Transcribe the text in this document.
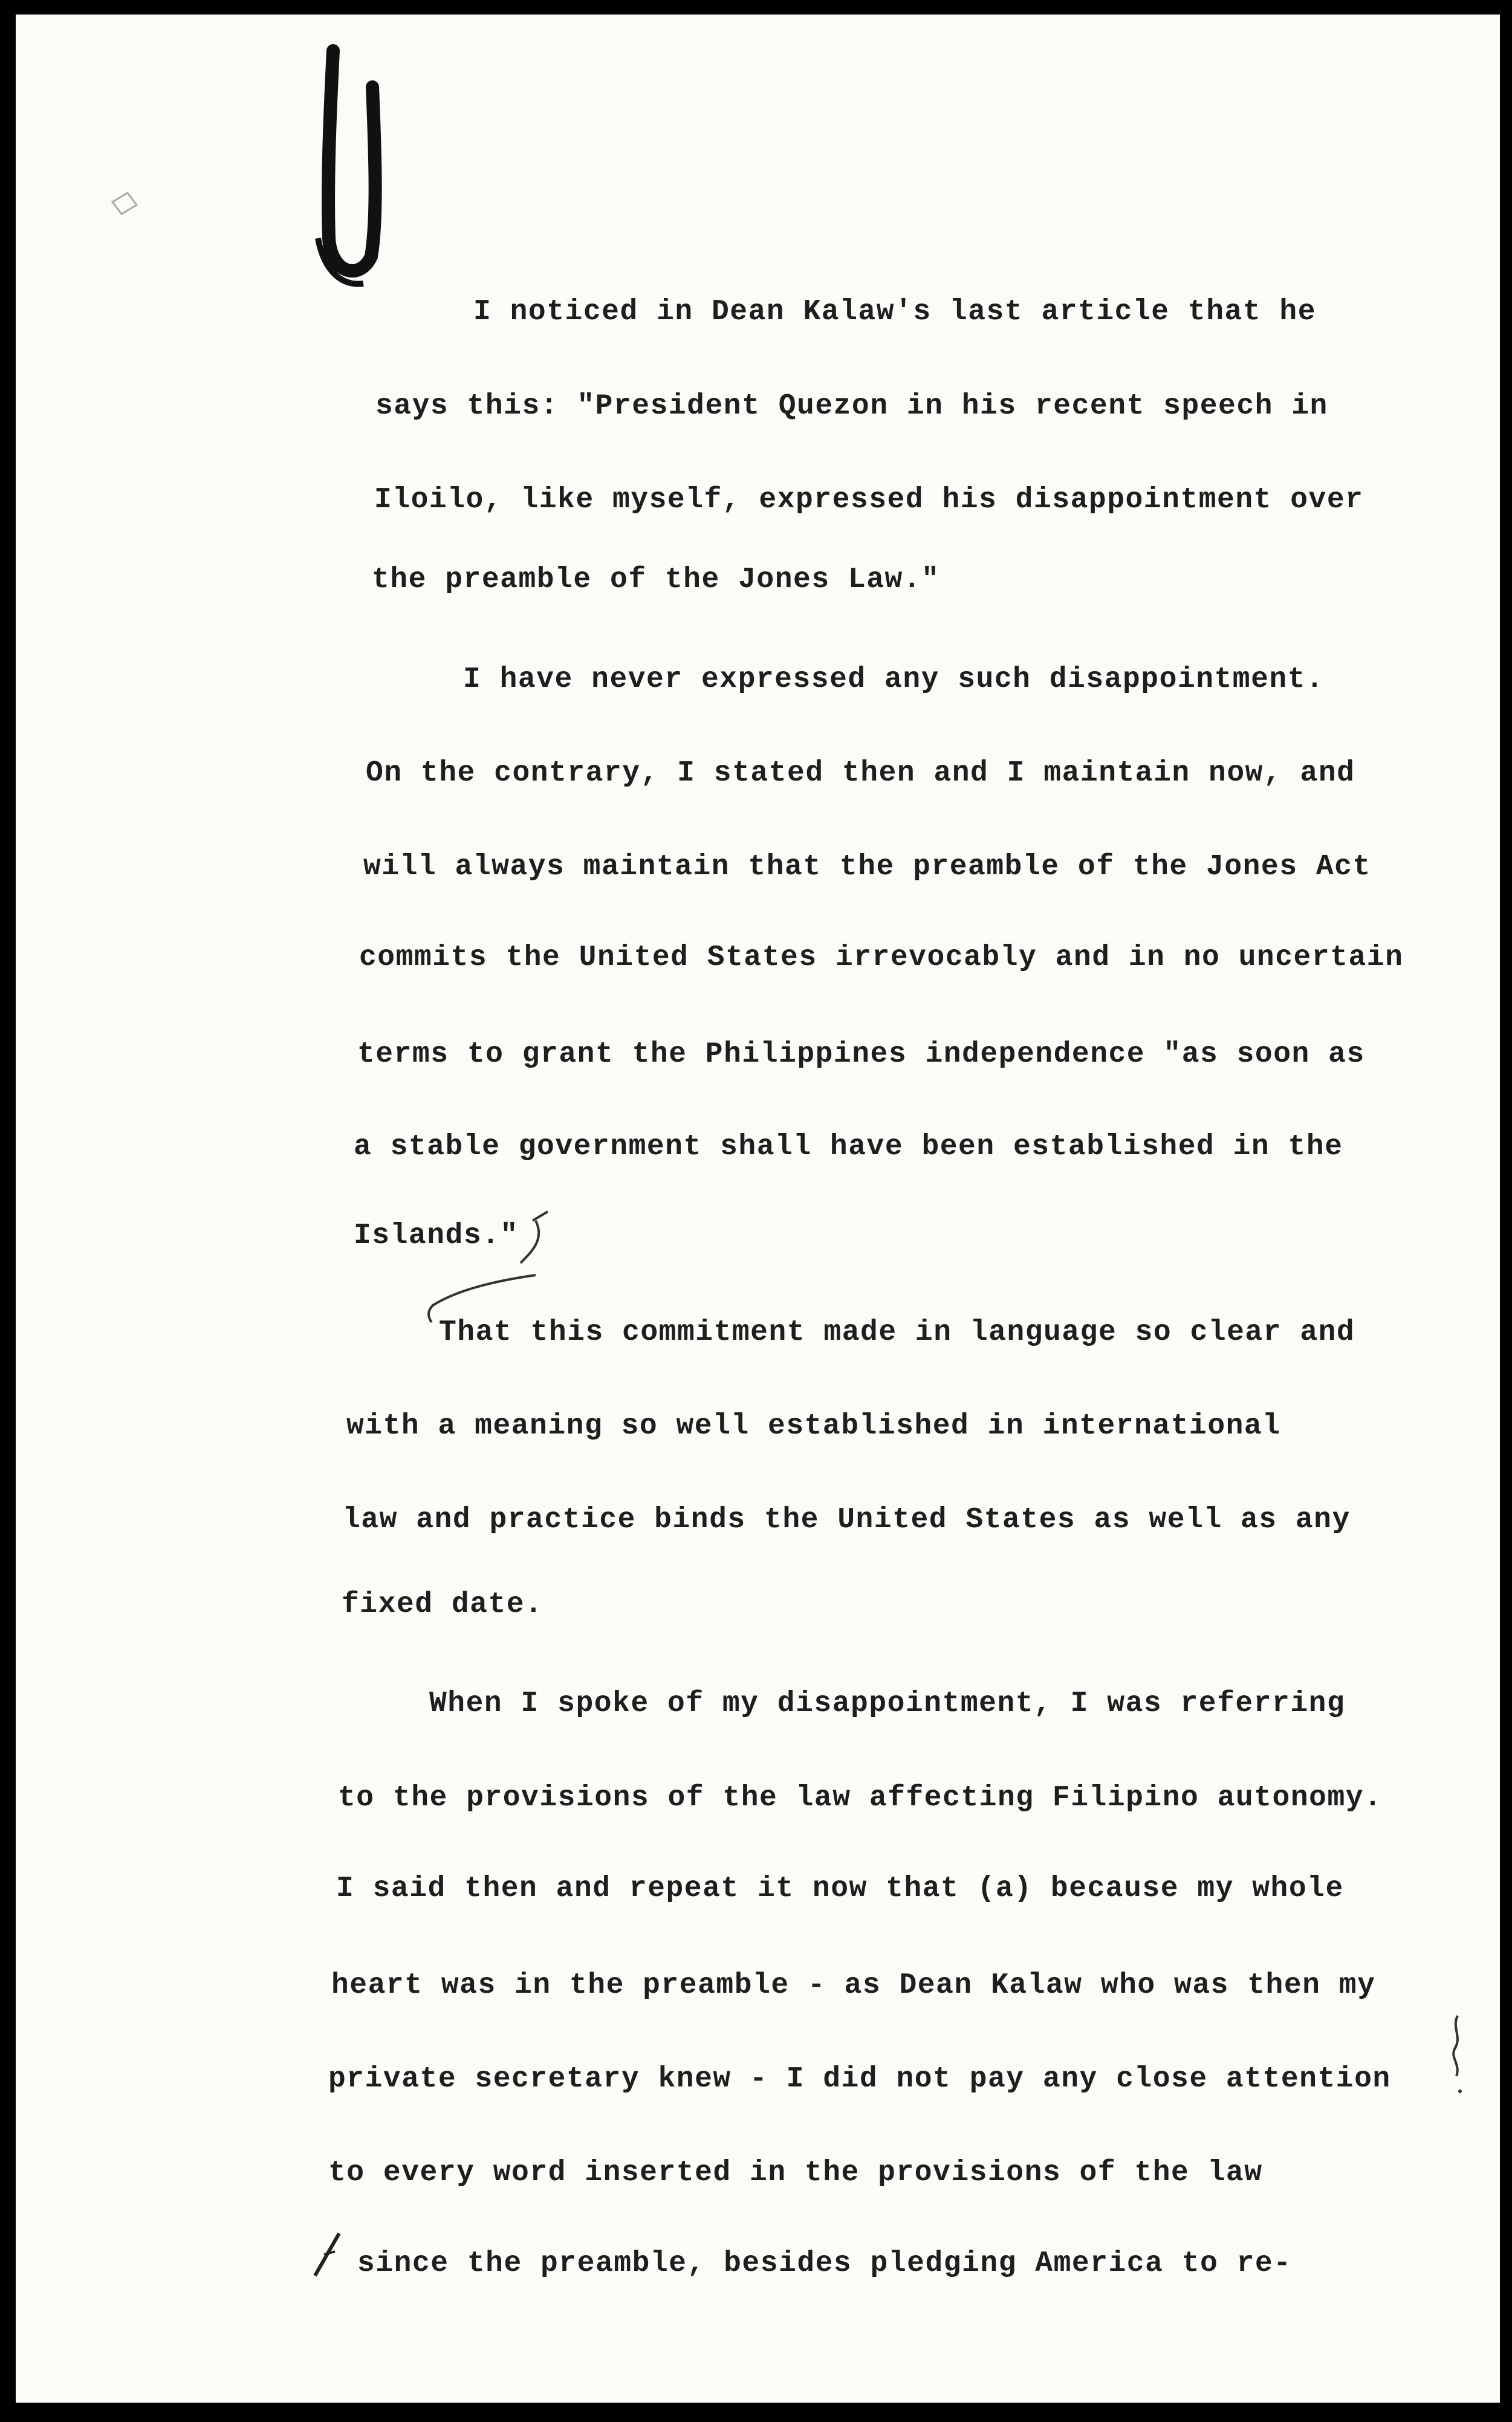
I noticed in Dean Kalaw's last article that he
says this: "President Quezon in his recent speech in
Iloilo, like myself, expressed his disappointment over
the preamble of the Jones Law."
I have never expressed any such disappointment.
On the contrary, I stated then and I maintain now, and
will always maintain that the preamble of the Jones Act
commits the United States irrevocably and in no uncertain
terms to grant the Philippines independence "as soon as
a stable government shall have been established in the
Islands."
That this commitment made in language so clear and
with a meaning so well established in international
law and practice binds the United States as well as any
fixed date.
When I spoke of my disappointment, I was referring
to the provisions of the law affecting Filipino autonomy.
I said then and repeat it now that (a) because my whole
heart was in the preamble - as Dean Kalaw who was then my
private secretary knew - I did not pay any close attention
to every word inserted in the provisions of the law
since the preamble, besides pledging America to re-
